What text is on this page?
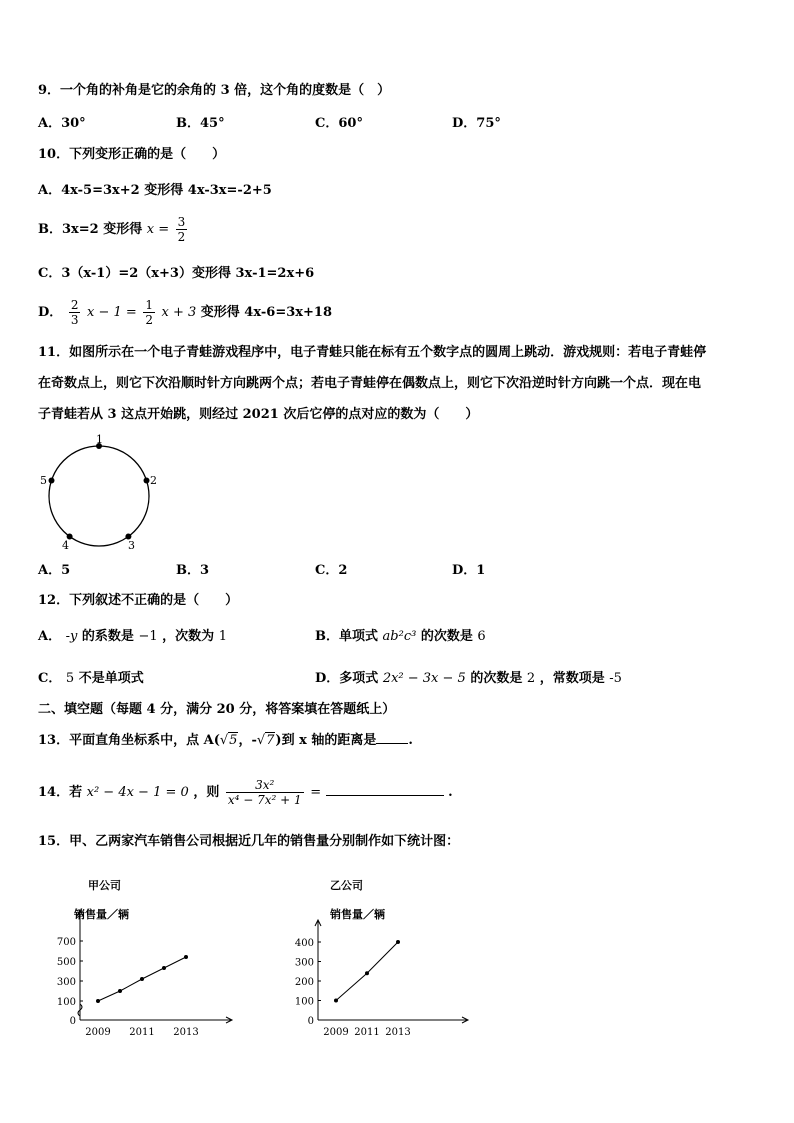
9．一个角的补角是它的余角的 3 倍，这个角的度数是（　）
A．30°	B．45°	C．60°	D．75°
10．下列变形正确的是（　　）
A．4x-5=3x+2 变形得 4x-3x=-2+5
B．3x=2 变形得 $x = \frac{3}{2}$
C．3（x-1）=2（x+3）变形得 3x-1=2x+6
D． $\frac{2}{3}$ $x - 1 = \frac{1}{2}$ x + 3 变形得 4x-6=3x+18
11．如图所示在一个电子青蛙游戏程序中，电子青蛙只能在标有五个数字点的圆周上跳动．游戏规则：若电子青蛙停
在奇数点上，则它下次沿顺时针方向跳两个点；若电子青蛙停在偶数点上，则它下次沿逆时针方向跳一个点．现在电
子青蛙若从 3 这点开始跳，则经过 2021 次后它停的点对应的数为（　　）
1
2
3
4
5
A．5	B．3	C．2	D．1
12．下列叙述不正确的是（　　）
A． -y 的系数是 −1 ，次数为 1	B．单项式 ab²c³ 的次数是 6
C． 5 不是单项式	D．多项式 2x² − 3x − 5 的次数是 2 ，常数项是 -5
二、填空题（每题 4 分，满分 20 分，将答案填在答题纸上）
13．平面直角坐标系中，点 A(√5，-√7)到 x 轴的距离是 .
14．若 x² − 4x − 1 = 0 ，则 $\frac{\text{3x²}}{\text{x⁴ − 7x² + 1}}$ =	.
15．甲、乙两家汽车销售公司根据近几年的销售量分别制作如下统计图：
甲公司
销售量／辆
700
500
300
100
0
2009 2011 2013
乙公司
销售量／辆
400
300
200
100
0
2009 2011 2013
